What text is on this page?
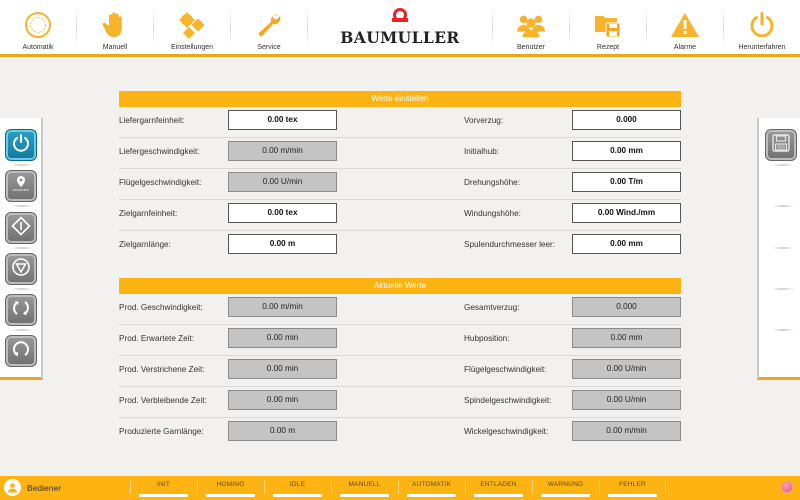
Automatik	Manuell	Einstellungen	Service
BAUMULLER
Benutzer	Rezept	Alarme	Herunterfahren
Werte einstellen
Liefergarnfeinheit:	0.00 tex
Liefergeschwindigkeit:	0.00 m/min
Flügelgeschwindigkeit:	0.00 U/min
Zielgarnfeinheit:	0.00 tex
Zielgarnlänge:	0.00 m
Vorverzug:	0.000
Initialhub:	0.00 mm
Drehungshöhe:	0.00 T/m
Windungshöhe:	0.00 Wind./mm
Spulendurchmesser leer:	0.00 mm
Aktuelle Werte
Prod. Geschwindigkeit:	0.00 m/min
Prod. Erwartete Zeit:	0.00 min
Prod. Verstrichene Zeit:	0.00 min
Prod. Verbleibende Zeit:	0.00 min
Produzierte Garnlänge:	0.00 m
Gesamtverzug:	0.000
Hubposition:	0.00 mm
Flügelgeschwindigkeit:	0.00 U/min
Spindelgeschwindigkeit:	0.00 U/min
Wickelgeschwindigkeit:	0.00 m/min
Bediener	INIT	HOMING	IDLE	MANUELL	AUTOMATIK	ENTLADEN	WARNUNG	FEHLER
